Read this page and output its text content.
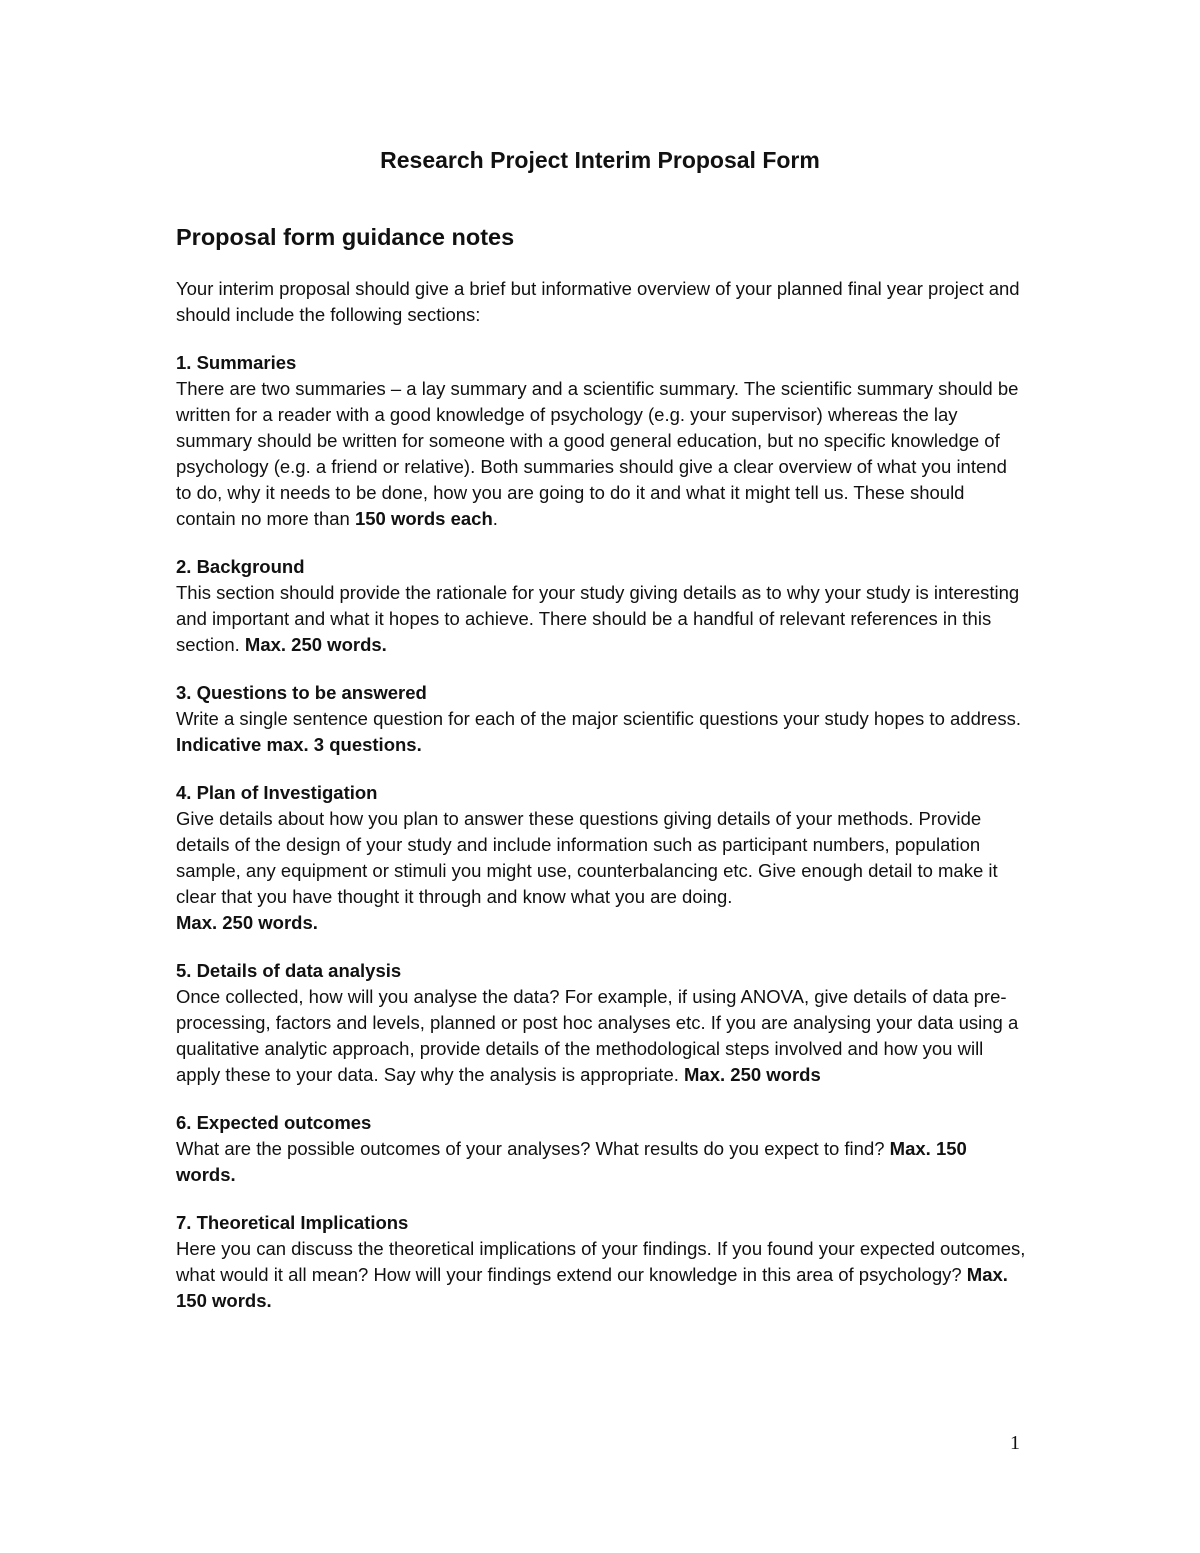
Research Project Interim Proposal Form
Proposal form guidance notes

Your interim proposal should give a brief but informative overview of your planned final year project and should include the following sections:

1. Summaries

There are two summaries – a lay summary and a scientific summary. The scientific summary should be written for a reader with a good knowledge of psychology (e.g. your supervisor) whereas the lay summary should be written for someone with a good general education, but no specific knowledge of psychology (e.g. a friend or relative). Both summaries should give a clear overview of what you intend to do, why it needs to be done, how you are going to do it and what it might tell us. These should contain no more than 150 words each.

2. Background

This section should provide the rationale for your study giving details as to why your study is interesting and important and what it hopes to achieve. There should be a handful of relevant references in this section. Max. 250 words.

3. Questions to be answered

Write a single sentence question for each of the major scientific questions your study hopes to address. Indicative max. 3 questions.

4. Plan of Investigation

Give details about how you plan to answer these questions giving details of your methods. Provide details of the design of your study and include information such as participant numbers, population sample, any equipment or stimuli you might use, counterbalancing etc. Give enough detail to make it clear that you have thought it through and know what you are doing.
Max. 250 words.

5. Details of data analysis

Once collected, how will you analyse the data? For example, if using ANOVA, give details of data pre-processing, factors and levels, planned or post hoc analyses etc. If you are analysing your data using a qualitative analytic approach, provide details of the methodological steps involved and how you will apply these to your data. Say why the analysis is appropriate. Max. 250 words

6. Expected outcomes

What are the possible outcomes of your analyses? What results do you expect to find? Max. 150 words.

7. Theoretical Implications

Here you can discuss the theoretical implications of your findings. If you found your expected outcomes, what would it all mean? How will your findings extend our knowledge in this area of psychology? Max. 150 words.

1
